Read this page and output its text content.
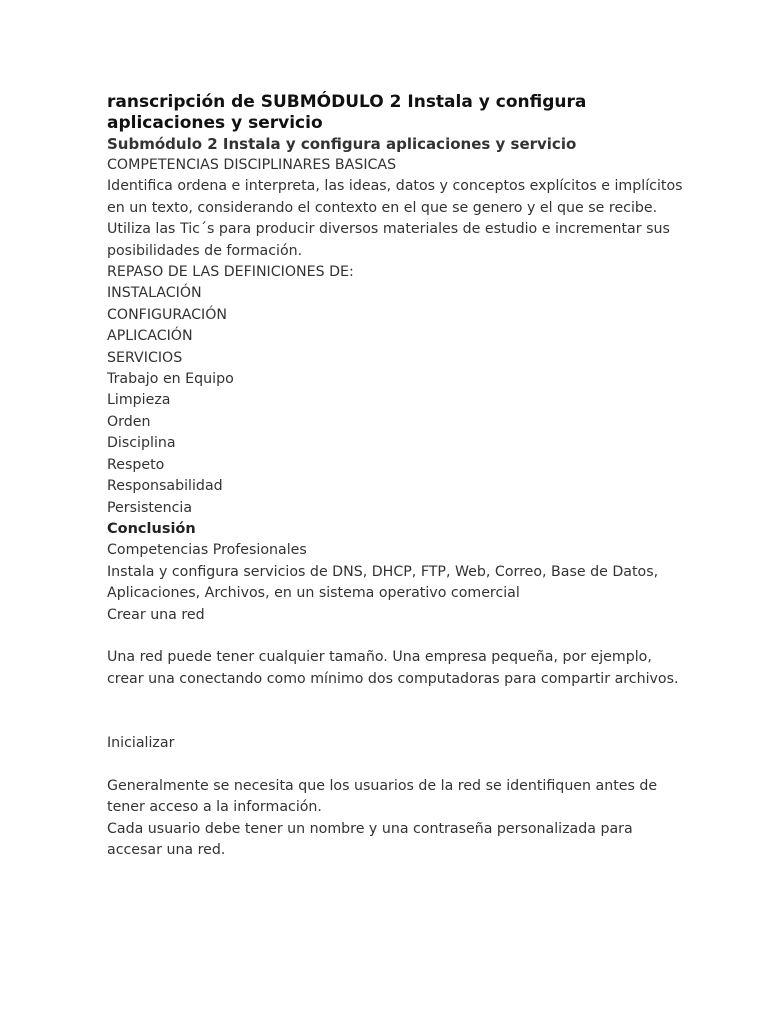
ranscripción de SUBMÓDULO 2 Instala y configura aplicaciones y servicio
Submódulo 2 Instala y configura aplicaciones y servicio

COMPETENCIAS DISCIPLINARES BASICAS

Identifica ordena e interpreta, las ideas, datos y conceptos explícitos e implícitos en un texto, considerando el contexto en el que se genero y el que se recibe.

Utiliza las Tic´s para producir diversos materiales de estudio e incrementar sus posibilidades de formación.

REPASO DE LAS DEFINICIONES DE:

INSTALACIÓN

CONFIGURACIÓN

APLICACIÓN

SERVICIOS

Trabajo en Equipo

Limpieza

Orden

Disciplina

Respeto

Responsabilidad

Persistencia

Conclusión

Competencias Profesionales

Instala y configura servicios de DNS, DHCP, FTP, Web, Correo, Base de Datos, Aplicaciones, Archivos, en un sistema operativo comercial

Crear una red

Una red puede tener cualquier tamaño. Una empresa pequeña, por ejemplo, crear una conectando como mínimo dos computadoras para compartir archivos.

Inicializar

Generalmente se necesita que los usuarios de la red se identifiquen antes de tener acceso a la información.

Cada usuario debe tener un nombre y una contraseña personalizada para accesar una red.
